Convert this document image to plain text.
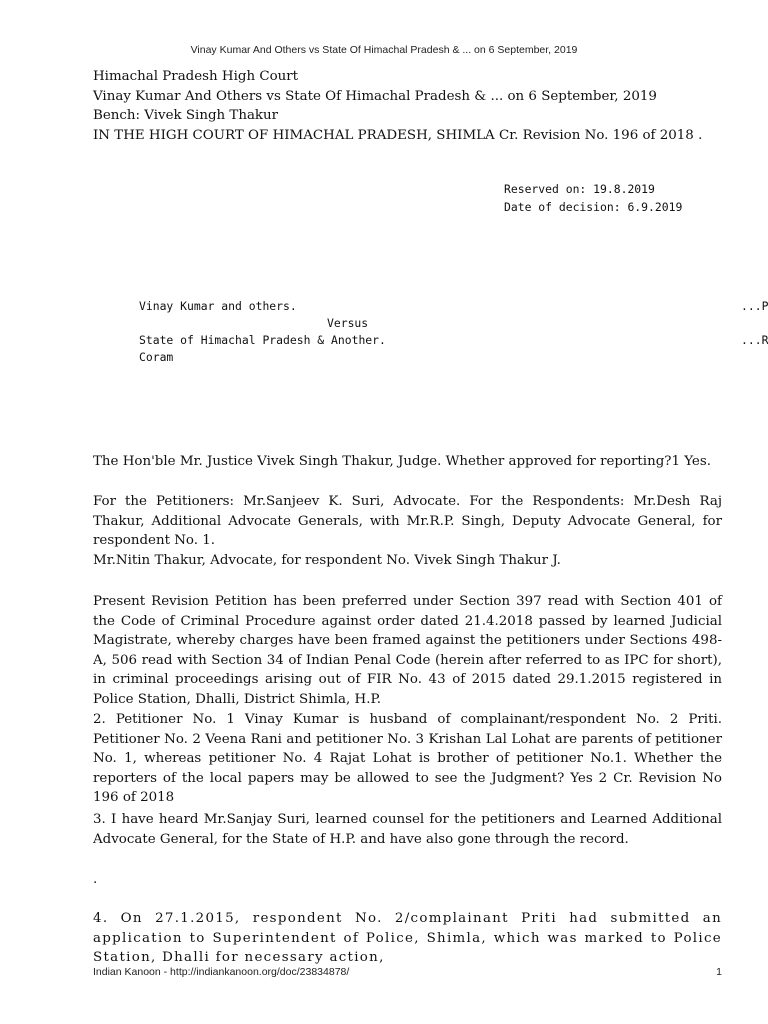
Vinay Kumar And Others vs State Of Himachal Pradesh & ... on 6 September, 2019
Himachal Pradesh High Court
Vinay Kumar And Others vs State Of Himachal Pradesh & ... on 6 September, 2019
Bench: Vivek Singh Thakur
IN THE HIGH COURT OF HIMACHAL PRADESH, SHIMLA Cr. Revision No. 196 of 2018 .
Reserved on: 19.8.2019
Date of decision: 6.9.2019
Vinay Kumar and others.	...P
Versus
State of Himachal Pradesh & Another.	...R
Coram

The Hon'ble Mr. Justice Vivek Singh Thakur, Judge. Whether approved for reporting?1 Yes.

For the Petitioners: Mr.Sanjeev K. Suri, Advocate. For the Respondents: Mr.Desh Raj Thakur, Additional Advocate Generals, with Mr.R.P. Singh, Deputy Advocate General, for respondent No. 1.

Mr.Nitin Thakur, Advocate, for respondent No. Vivek Singh Thakur J.

Present Revision Petition has been preferred under Section 397 read with Section 401 of the Code of Criminal Procedure against order dated 21.4.2018 passed by learned Judicial Magistrate, whereby charges have been framed against the petitioners under Sections 498-A, 506 read with Section 34 of Indian Penal Code (herein after referred to as IPC for short), in criminal proceedings arising out of FIR No. 43 of 2015 dated 29.1.2015 registered in Police Station, Dhalli, District Shimla, H.P.

2. Petitioner No. 1 Vinay Kumar is husband of complainant/respondent No. 2 Priti. Petitioner No. 2 Veena Rani and petitioner No. 3 Krishan Lal Lohat are parents of petitioner No. 1, whereas petitioner No. 4 Rajat Lohat is brother of petitioner No.1. Whether the reporters of the local papers may be allowed to see the Judgment? Yes 2 Cr. Revision No 196 of 2018

3. I have heard Mr.Sanjay Suri, learned counsel for the petitioners and Learned Additional Advocate General, for the State of H.P. and have also gone through the record.

.

4. On 27.1.2015, respondent No. 2/complainant Priti had submitted an application to Superintendent of Police, Shimla, which was marked to Police Station, Dhalli for necessary action,

Indian Kanoon - http://indiankanoon.org/doc/23834878/	1
